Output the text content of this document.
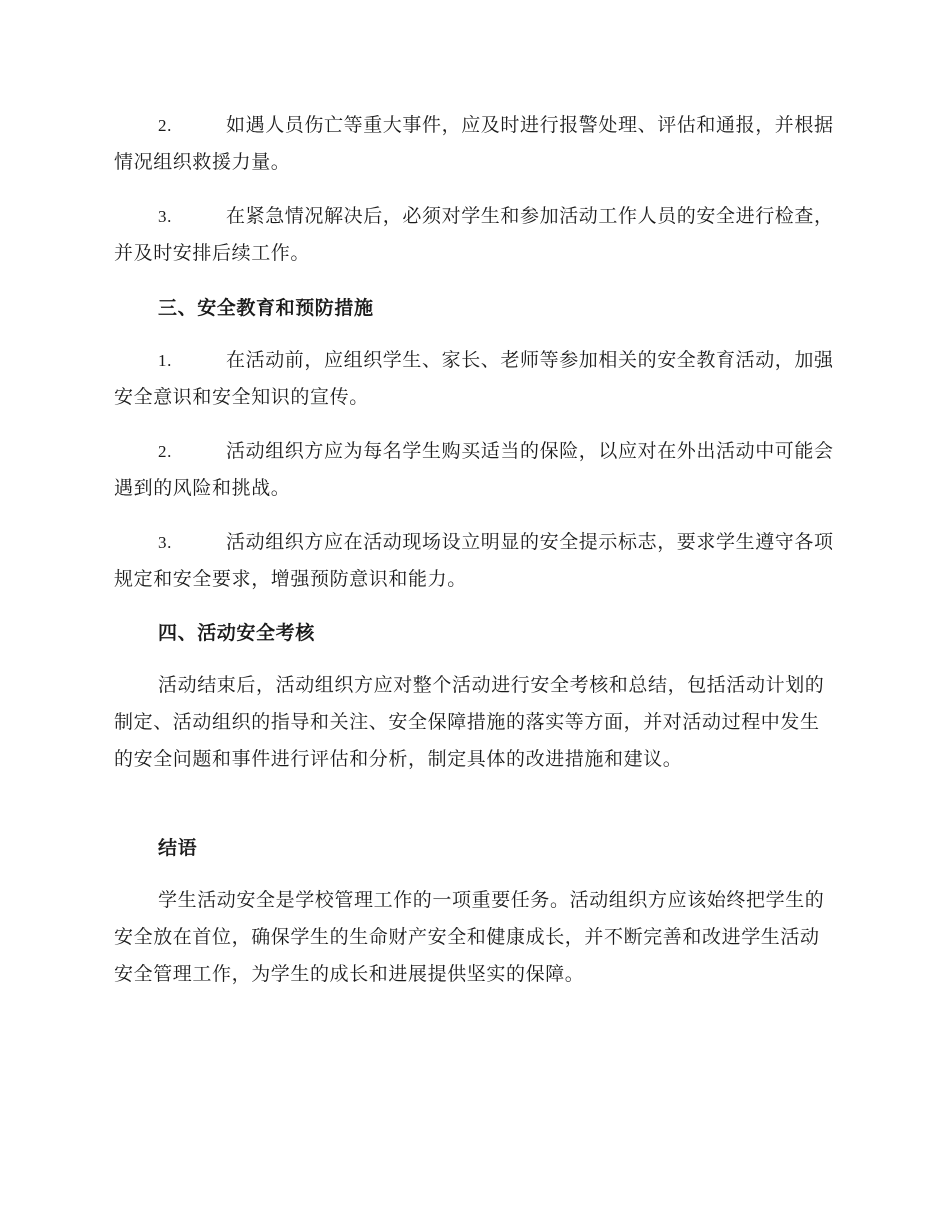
2.	如遇人员伤亡等重大事件，应及时进行报警处理、评估和通报，并根据情况组织救援力量。
3.	在紧急情况解决后，必须对学生和参加活动工作人员的安全进行检查，并及时安排后续工作。
三、安全教育和预防措施
1.	在活动前，应组织学生、家长、老师等参加相关的安全教育活动，加强安全意识和安全知识的宣传。
2.	活动组织方应为每名学生购买适当的保险，以应对在外出活动中可能会遇到的风险和挑战。
3.	活动组织方应在活动现场设立明显的安全提示标志，要求学生遵守各项规定和安全要求，增强预防意识和能力。
四、活动安全考核
活动结束后，活动组织方应对整个活动进行安全考核和总结，包括活动计划的制定、活动组织的指导和关注、安全保障措施的落实等方面，并对活动过程中发生的安全问题和事件进行评估和分析，制定具体的改进措施和建议。
结语
学生活动安全是学校管理工作的一项重要任务。活动组织方应该始终把学生的安全放在首位，确保学生的生命财产安全和健康成长，并不断完善和改进学生活动安全管理工作，为学生的成长和进展提供坚实的保障。
